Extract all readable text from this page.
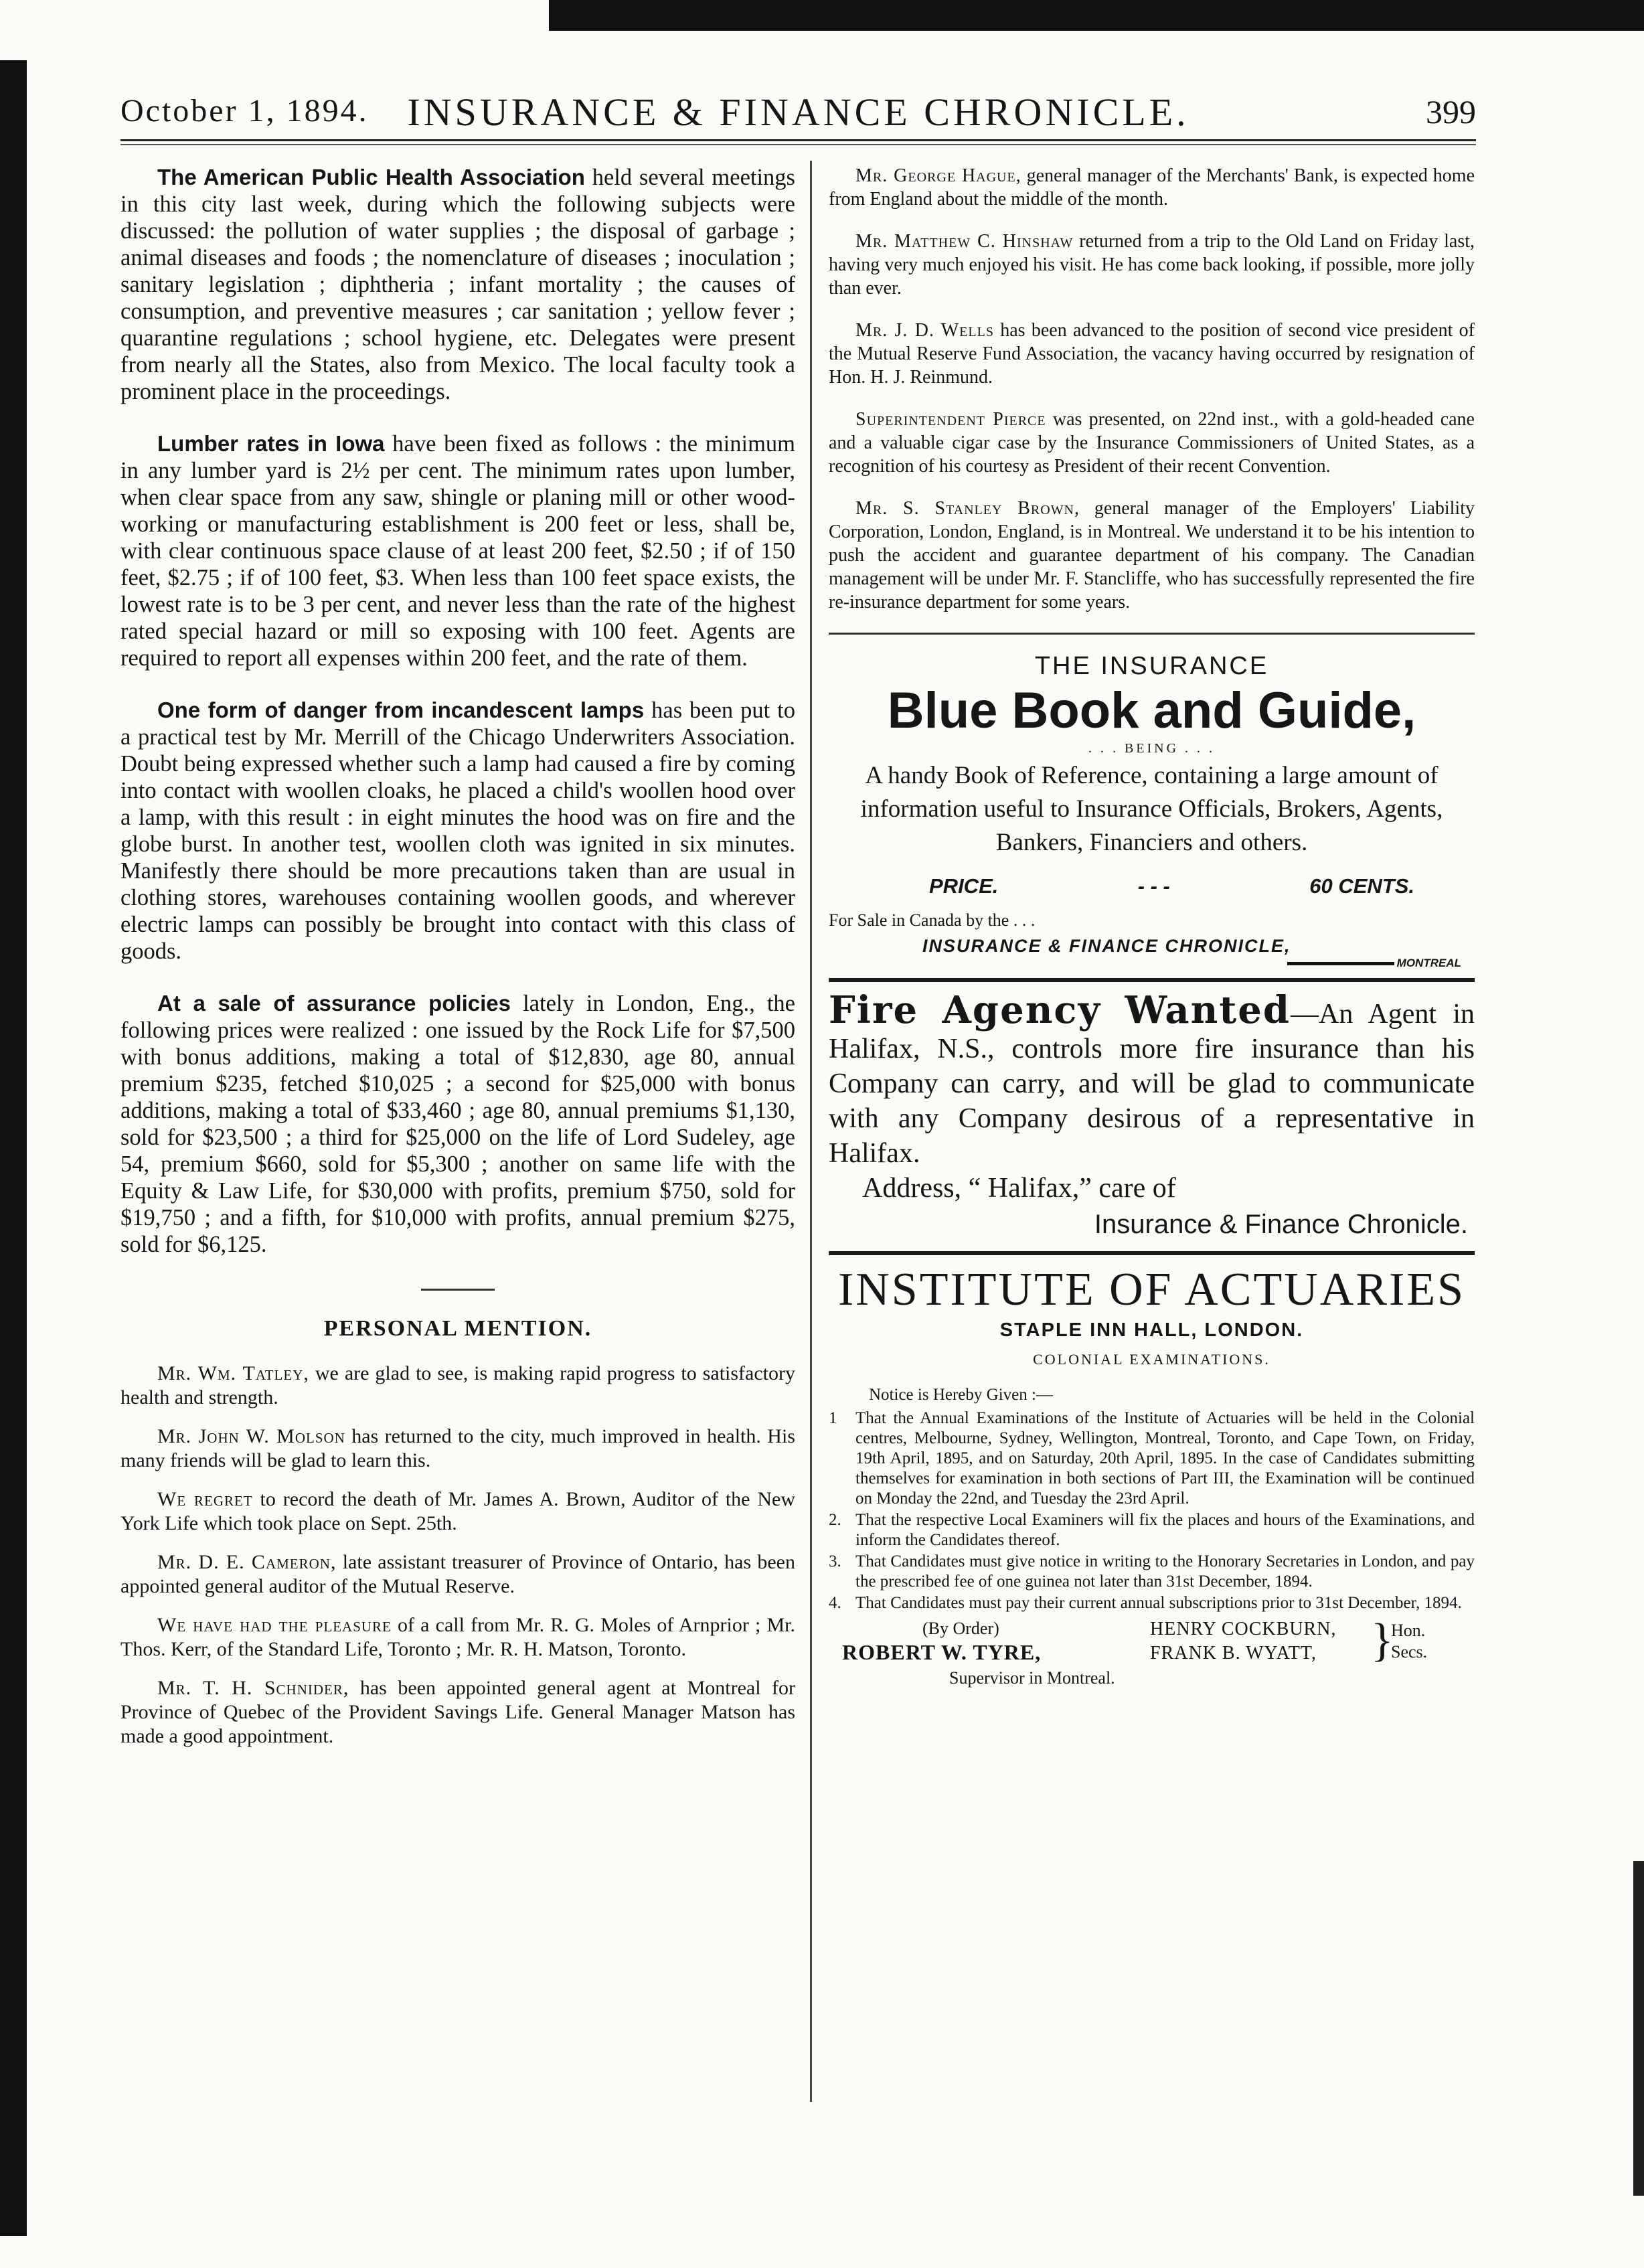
October 1, 1894. INSURANCE & FINANCE CHRONICLE.	399

The American Public Health Association held several meetings in this city last week, during which the following subjects were discussed: the pollution of water supplies ; the disposal of garbage ; animal diseases and foods ; the nomenclature of diseases ; inoculation ; sanitary legislation ; diphtheria ; infant mortality ; the causes of consumption, and preventive measures ; car sanitation ; yellow fever ; quarantine regulations ; school hygiene, etc. Delegates were present from nearly all the States, also from Mexico. The local faculty took a prominent place in the proceedings.

Lumber rates in Iowa have been fixed as follows : the minimum in any lumber yard is 2½ per cent. The minimum rates upon lumber, when clear space from any saw, shingle or planing mill or other wood-working or manufacturing establishment is 200 feet or less, shall be, with clear continuous space clause of at least 200 feet, $2.50 ; if of 150 feet, $2.75 ; if of 100 feet, $3. When less than 100 feet space exists, the lowest rate is to be 3 per cent, and never less than the rate of the highest rated special hazard or mill so exposing with 100 feet. Agents are required to report all expenses within 200 feet, and the rate of them.

One form of danger from incandescent lamps has been put to a practical test by Mr. Merrill of the Chicago Underwriters Association. Doubt being expressed whether such a lamp had caused a fire by coming into contact with woollen cloaks, he placed a child's woollen hood over a lamp, with this result : in eight minutes the hood was on fire and the globe burst. In another test, woollen cloth was ignited in six minutes. Manifestly there should be more precautions taken than are usual in clothing stores, warehouses containing woollen goods, and wherever electric lamps can possibly be brought into contact with this class of goods.

At a sale of assurance policies lately in London, Eng., the following prices were realized : one issued by the Rock Life for $7,500 with bonus additions, making a total of $12,830, age 80, annual premium $235, fetched $10,025 ; a second for $25,000 with bonus additions, making a total of $33,460 ; age 80, annual premiums $1,130, sold for $23,500 ; a third for $25,000 on the life of Lord Sudeley, age 54, premium $660, sold for $5,300 ; another on same life with the Equity & Law Life, for $30,000 with profits, premium $750, sold for $19,750 ; and a fifth, for $10,000 with profits, annual premium $275, sold for $6,125.

PERSONAL MENTION.

Mr. Wm. Tatley, we are glad to see, is making rapid progress to satisfactory health and strength.

Mr. John W. Molson has returned to the city, much improved in health. His many friends will be glad to learn this.

We regret to record the death of Mr. James A. Brown, Auditor of the New York Life which took place on Sept. 25th.

Mr. D. E. Cameron, late assistant treasurer of Province of Ontario, has been appointed general auditor of the Mutual Reserve.

We have had the pleasure of a call from Mr. R. G. Moles of Arnprior ; Mr. Thos. Kerr, of the Standard Life, Toronto ; Mr. R. H. Matson, Toronto.

Mr. T. H. Schnider, has been appointed general agent at Montreal for Province of Quebec of the Provident Savings Life. General Manager Matson has made a good appointment.

Mr. George Hague, general manager of the Merchants' Bank, is expected home from England about the middle of the month.

Mr. Matthew C. Hinshaw returned from a trip to the Old Land on Friday last, having very much enjoyed his visit. He has come back looking, if possible, more jolly than ever.

Mr. J. D. Wells has been advanced to the position of second vice president of the Mutual Reserve Fund Association, the vacancy having occurred by resignation of Hon. H. J. Reinmund.

Superintendent Pierce was presented, on 22nd inst., with a gold-headed cane and a valuable cigar case by the Insurance Commissioners of United States, as a recognition of his courtesy as President of their recent Convention.

Mr. S. Stanley Brown, general manager of the Employers' Liability Corporation, London, England, is in Montreal. We understand it to be his intention to push the accident and guarantee department of his company. The Canadian management will be under Mr. F. Stancliffe, who has successfully represented the fire re-insurance department for some years.

THE INSURANCE

Blue Book and Guide,

. . . BEING . . .

A handy Book of Reference, containing a large amount of information useful to Insurance Officials, Brokers, Agents, Bankers, Financiers and others.

PRICE.	- - -	60 CENTS.

For Sale in Canada by the . . .

INSURANCE & FINANCE CHRONICLE,

MONTREAL

Fire Agency Wanted—An Agent in Halifax, N.S., controls more fire insurance than his Company can carry, and will be glad to communicate with any Company desirous of a representative in Halifax.

Address, “ Halifax,” care of

Insurance & Finance Chronicle.

INSTITUTE OF ACTUARIES

STAPLE INN HALL, LONDON.

COLONIAL EXAMINATIONS.

Notice is Hereby Given :—

1 That the Annual Examinations of the Institute of Actuaries will be held in the Colonial centres, Melbourne, Sydney, Wellington, Montreal, Toronto, and Cape Town, on Friday, 19th April, 1895, and on Saturday, 20th April, 1895. In the case of Candidates submitting themselves for examination in both sections of Part III, the Examination will be continued on Monday the 22nd, and Tuesday the 23rd April.
2. That the respective Local Examiners will fix the places and hours of the Examinations, and inform the Candidates thereof.
3. That Candidates must give notice in writing to the Honorary Secretaries in London, and pay the prescribed fee of one guinea not later than 31st December, 1894.
4. That Candidates must pay their current annual subscriptions prior to 31st December, 1894.
(By Order)
ROBERT W. TYRE,
Supervisor in Montreal.
HENRY COCKBURN,
FRANK B. WYATT, }
Hon.
Secs.
